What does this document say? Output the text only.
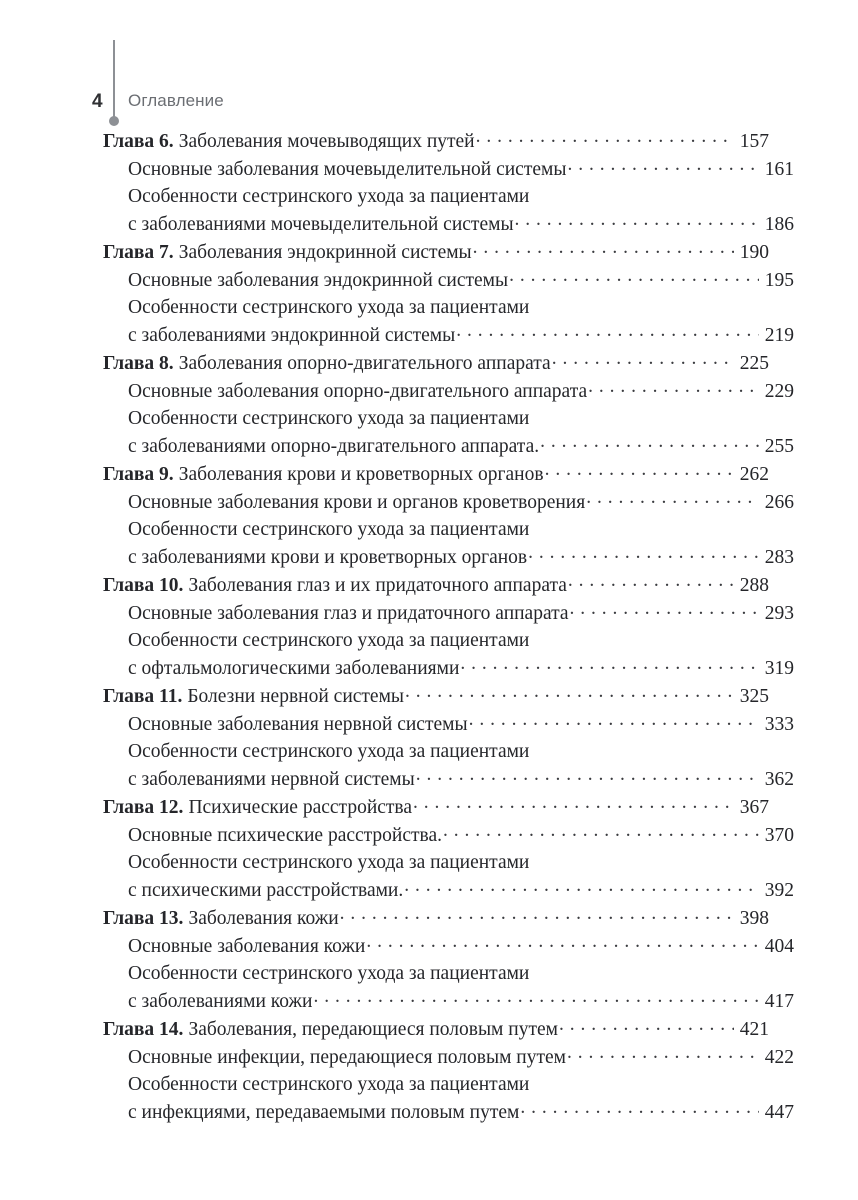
4 Оглавление
Глава 6. Заболевания мочевыводящих путей . . .	157
Основные заболевания мочевыделительной системы . . .	161
Особенности сестринского ухода за пациентами
с заболеваниями мочевыделительной системы . . .	186
Глава 7. Заболевания эндокринной системы . . .	190
Основные заболевания эндокринной системы . . .	195
Особенности сестринского ухода за пациентами
с заболеваниями эндокринной системы . . .	219
Глава 8. Заболевания опорно-двигательного аппарата . . .	225
Основные заболевания опорно-двигательного аппарата . . .	229
Особенности сестринского ухода за пациентами
с заболеваниями опорно-двигательного аппарата. . . .	255
Глава 9. Заболевания крови и кроветворных органов . . .	262
Основные заболевания крови и органов кроветворения . . .	266
Особенности сестринского ухода за пациентами
с заболеваниями крови и кроветворных органов . . .	283
Глава 10. Заболевания глаз и их придаточного аппарата . . .	288
Основные заболевания глаз и придаточного аппарата . . .	293
Особенности сестринского ухода за пациентами
с офтальмологическими заболеваниями . . .	319
Глава 11. Болезни нервной системы . . .	325
Основные заболевания нервной системы . . .	333
Особенности сестринского ухода за пациентами
с заболеваниями нервной системы . . .	362
Глава 12. Психические расстройства . . .	367
Основные психические расстройства. . . .	370
Особенности сестринского ухода за пациентами
с психическими расстройствами. . . .	392
Глава 13. Заболевания кожи . . .	398
Основные заболевания кожи . . .	404
Особенности сестринского ухода за пациентами
с заболеваниями кожи . . .	417
Глава 14. Заболевания, передающиеся половым путем . . .	421
Основные инфекции, передающиеся половым путем . . .	422
Особенности сестринского ухода за пациентами
с инфекциями, передаваемыми половым путем . . .	447
